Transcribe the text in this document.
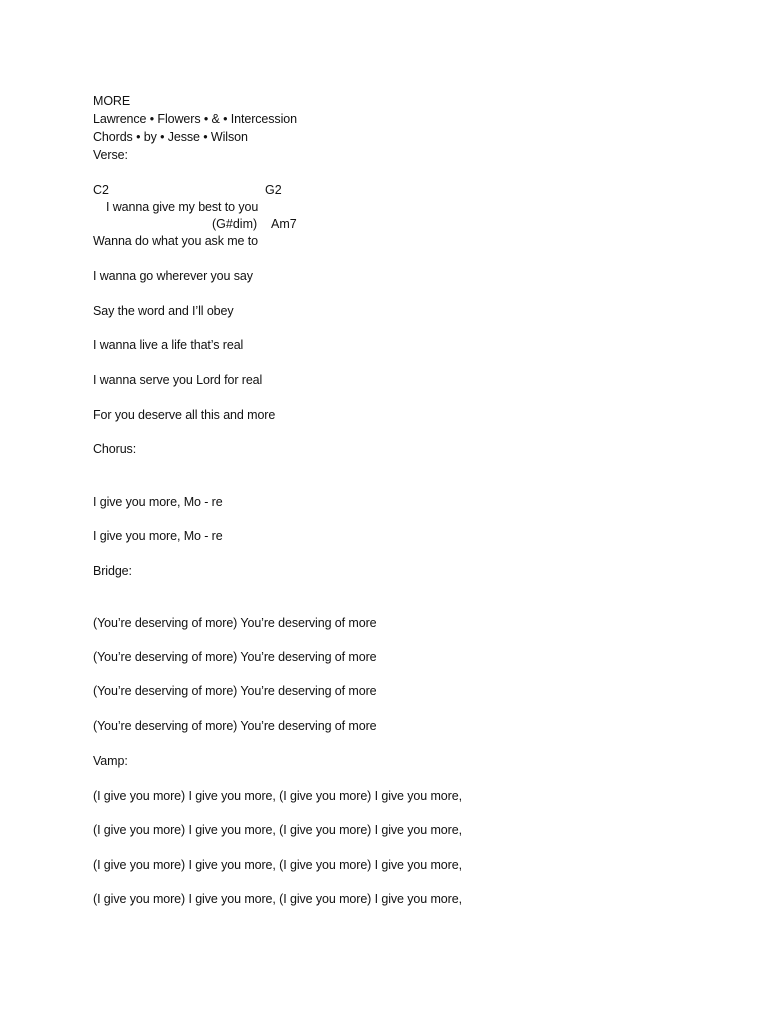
MORE
Lawrence • Flowers • & • Intercession
Chords • by • Jesse • Wilson
Verse:
C2	G2
I wanna give my best to you
(G#dim) Am7
Wanna do what you ask me to
I wanna go wherever you say
Say the word and I’ll obey
I wanna live a life that’s real
I wanna serve you Lord for real
For you deserve all this and more
Chorus:
I give you more, Mo - re
I give you more, Mo - re
Bridge:
(You’re deserving of more) You’re deserving of more
(You’re deserving of more) You’re deserving of more
(You’re deserving of more) You’re deserving of more
(You’re deserving of more) You’re deserving of more
Vamp:
(I give you more) I give you more, (I give you more) I give you more,
(I give you more) I give you more, (I give you more) I give you more,
(I give you more) I give you more, (I give you more) I give you more,
(I give you more) I give you more, (I give you more) I give you more,
